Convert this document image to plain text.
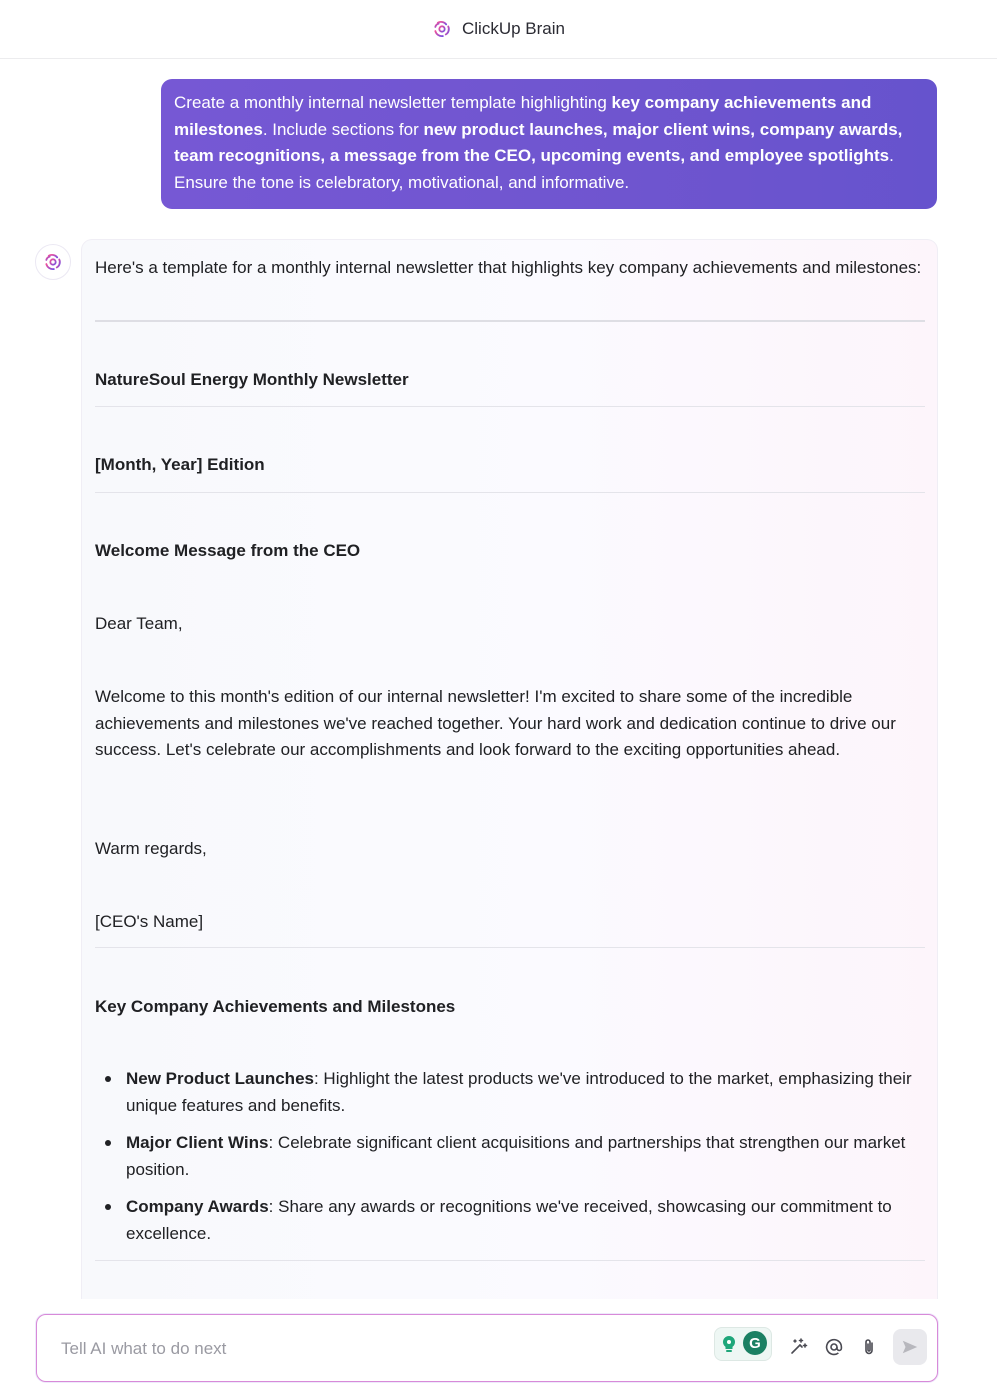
ClickUp Brain
Create a monthly internal newsletter template highlighting key company achievements and milestones. Include sections for new product launches, major client wins, company awards, team recognitions, a message from the CEO, upcoming events, and employee spotlights. Ensure the tone is celebratory, motivational, and informative.
Here's a template for a monthly internal newsletter that highlights key company achievements and milestones:
NatureSoul Energy Monthly Newsletter
[Month, Year] Edition
Welcome Message from the CEO
Dear Team,
Welcome to this month's edition of our internal newsletter! I'm excited to share some of the incredible achievements and milestones we've reached together. Your hard work and dedication continue to drive our success. Let's celebrate our accomplishments and look forward to the exciting opportunities ahead.
Warm regards,
[CEO's Name]
Key Company Achievements and Milestones
New Product Launches: Highlight the latest products we've introduced to the market, emphasizing their unique features and benefits.
Major Client Wins: Celebrate significant client acquisitions and partnerships that strengthen our market position.
Company Awards: Share any awards or recognitions we've received, showcasing our commitment to excellence.
Tell AI what to do next
G
